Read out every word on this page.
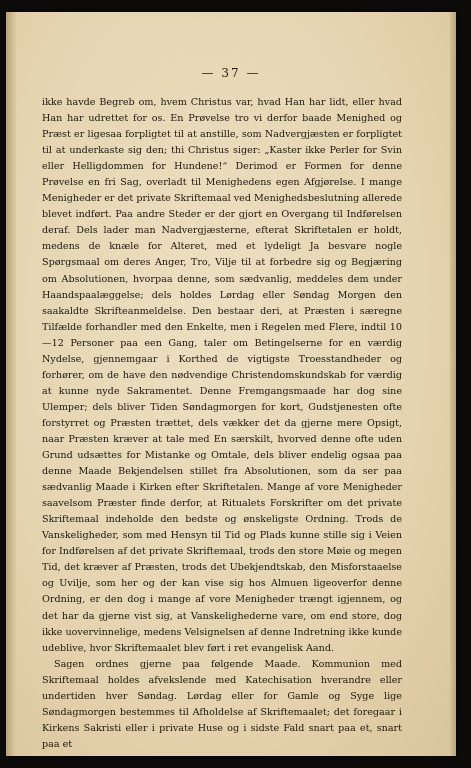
— 37 —

ikke havde Begreb om, hvem Christus var, hvad Han har lidt, eller hvad Han har udrettet for os. En Prøvelse tro vi derfor baade Menighed og Præst er ligesaa forpligtet til at anstille, som Nadvergjæsten er forpligtet til at underkaste sig den; thi Christus siger: „Kaster ikke Perler for Svin eller Helligdommen for Hundene!“ Derimod er Formen for denne Prøvelse en fri Sag, overladt til Menighedens egen Afgjørelse. I mange Menigheder er det private Skriftemaal ved Menighedsbeslutning allerede blevet indført. Paa andre Steder er der gjort en Overgang til Indførelsen deraf. Dels lader man Nadvergjæsterne, efterat Skriftetalen er holdt, medens de knæle for Alteret, med et lydeligt Ja besvare nogle Spørgsmaal om deres Anger, Tro, Vilje til at forbedre sig og Begjæring om Absolutionen, hvorpaa denne, som sædvanlig, meddeles dem under Haandspaalæggelse; dels holdes Lørdag eller Søndag Morgen den saakaldte Skrifteanmeldelse. Den bestaar deri, at Præsten i særegne Tilfælde forhandler med den Enkelte, men i Regelen med Flere, indtil 10—12 Personer paa een Gang, taler om Betingelserne for en værdig Nydelse, gjennemgaar i Korthed de vigtigste Troesstandheder og forhører, om de have den nødvendige Christendomskundskab for værdig at kunne nyde Sakramentet. Denne Fremgangsmaade har dog sine Ulemper; dels bliver Tiden Søndagmorgen for kort, Gudstjenesten ofte forstyrret og Præsten trættet, dels vækker det da gjerne mere Opsigt, naar Præsten kræver at tale med En særskilt, hvorved denne ofte uden Grund udsættes for Mistanke og Omtale, dels bliver endelig ogsaa paa denne Maade Bekjendelsen stillet fra Absolutionen, som da ser paa sædvanlig Maade i Kirken efter Skriftetalen. Mange af vore Menigheder saavelsom Præster finde derfor, at Ritualets Forskrifter om det private Skriftemaal indeholde den bedste og ønskeligste Ordning. Trods de Vanskeligheder, som med Hensyn til Tid og Plads kunne stille sig i Veien for Indførelsen af det private Skriftemaal, trods den store Møie og megen Tid, det kræver af Præsten, trods det Ubekjendtskab, den Misforstaaelse og Uvilje, som her og der kan vise sig hos Almuen ligeoverfor denne Ordning, er den dog i mange af vore Menigheder trængt igjennem, og det har da gjerne vist sig, at Vanskelighederne vare, om end store, dog ikke uovervinnelige, medens Velsignelsen af denne Indretning ikke kunde udeblive, hvor Skriftemaalet blev ført i ret evangelisk Aand.

Sagen ordnes gjerne paa følgende Maade. Kommunion med Skriftemaal holdes afvekslende med Katechisation hverandre eller undertiden hver Søndag. Lørdag eller for Gamle og Syge lige Søndagmorgen bestemmes til Afholdelse af Skriftemaalet; det foregaar i Kirkens Sakristi eller i private Huse og i sidste Fald snart paa et, snart paa et
